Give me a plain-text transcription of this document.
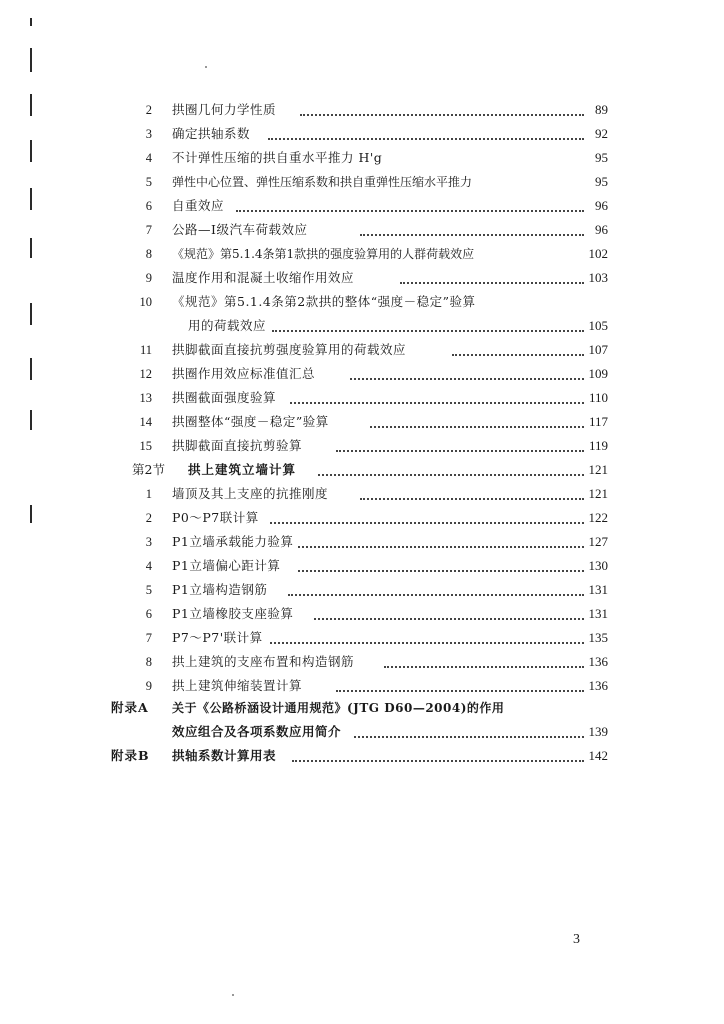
2 拱圈几何力学性质	89
3 确定拱轴系数	92
4 不计弹性压缩的拱自重水平推力 H'g	95
5 弹性中心位置、弹性压缩系数和拱自重弹性压缩水平推力	95
6 自重效应	96
7 公路—I级汽车荷载效应	96
8 《规范》第5.1.4条第1款拱的强度验算用的人群荷载效应	102
9 温度作用和混凝土收缩作用效应	103
10 《规范》第5.1.4条第2款拱的整体“强度－稳定”验算
用的荷载效应	105
11 拱脚截面直接抗剪强度验算用的荷载效应	107
12 拱圈作用效应标准值汇总	109
13 拱圈截面强度验算	110
14 拱圈整体“强度－稳定”验算	117
15 拱脚截面直接抗剪验算	119
第2节 拱上建筑立墙计算	121
1 墙顶及其上支座的抗推刚度	121
2 P0～P7联计算	122
3 P1立墙承载能力验算	127
4 P1立墙偏心距计算	130
5 P1立墙构造钢筋	131
6 P1立墙橡胶支座验算	131
7 P7～P7'联计算	135
8 拱上建筑的支座布置和构造钢筋	136
9 拱上建筑伸缩装置计算	136
附录A 关于《公路桥涵设计通用规范》(JTG D60—2004)的作用
效应组合及各项系数应用简介	139
附录B 拱轴系数计算用表	142
3
